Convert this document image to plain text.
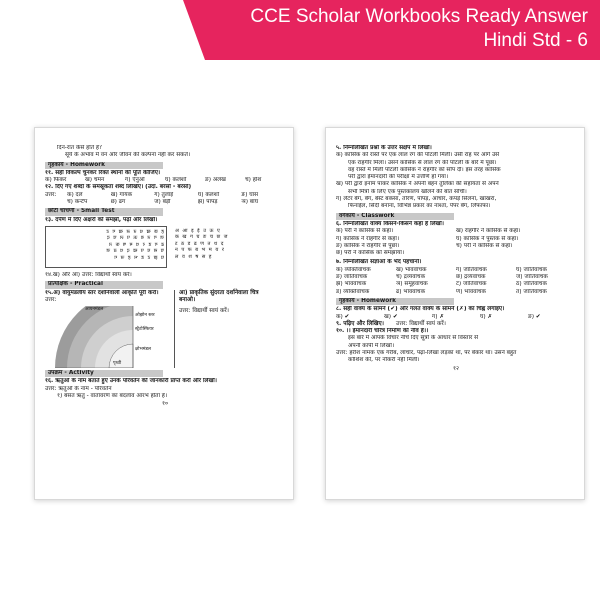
CCE Scholar Workbooks Ready Answer
Hindi Std - 6
दिन-रात कैसे होते है?
सूर्य के अभाव में वन और जीवन की कल्पना नहीं कर सकते।
गृहकार्य - Homework
११. सही विकल्प चुनकर रिक्त स्थानों की पूर्ति कीजिए।
क) फिकर	ख) चमन	ग) ऐनुँओ	घ) कलशों	ङ) अलख	च) होश
१२. दिए गए शब्दों के समस्रूकता शब्द लिखिए। (उदा. बरसों - बरसों)
उत्तर:	क) दल	ख) गायक	ग) तुलाई	घ) कलशों	ङ) घास
च) कन्टैप	छ) ढंग	ज) बड़ी	झ) पापड़	ञ) बाघ
छोटी चाचणी - Small Test
१३. दर्पण में दिए अक्षरों को समझो, पढ़ो और लिखो।
ह छ ख ध त ल ख ग ट
ज ग त ब ऊ प ल च द
ढ ग ड र थ म ष क त
च स य प ख द थ ठ ज
घ झ ट ड भ ह ञ ग
अ आ इ ई उ ऊ ए
क ख ग घ ङ च छ ज
ट ठ ड ढ ण त थ द
न प फ ब भ म य र
ल व श ष स ह
१४.ख) और आ) उत्तर: विद्यार्थी स्वयं करें।
प्रात्यक्षिक - Practical
१५.अ) वायुमंडलीय स्तर दर्शानेवाली आकृति पूरी करो।
उत्तर:
पृथ्वी
आयनमंडल
ओझोन स्तर
स्ट्रैटोस्फियर
क्षोभमंडल
आ) प्राकृतिक सुंदरता दर्शानेवाला चित्र बनाओ।
उत्तर: विद्यार्थी स्वयं करें।
उपक्रम - Activity
१६. ऋतुओं के नाम बताते हुए उनके परिवर्तन की जानकारी प्राप्त करो और लिखो।
उत्तर: ऋतुओं के नाम - परिवर्तन
१) बसंत ऋतु - वातावरण का बदलाव आरंभ होता है।
१०
५. निम्नलिखित प्रश्नों के उत्तर संक्षेप में लिखो।
क) कासिक को रास्ते पर एक लाल रंग की पोटली मिली। उसी राह पर आगे उसे
एक राहगीर मिला। उसने कासिक से लाल रंग की पोटली के बारे में पूछा।
वह रास्ते में मिली पोटली कासिक ने राहगीर को सौंप दी। इस तरह कासिक
परी द्वारा ईमानदारी की परीक्षा में उत्तीर्ण हो गया।
ख) परी द्वारा इनाम पाकर कासिक ने अपनी बहन तुलिका की सहायता से अपने
सभी मित्रों के लिए एक पुस्तकालय खोलने की बात सोची।
ग) लेटर बैग, बैग, बेस्ट बकसा, तोरण, पापड़, आचार, कपड़े सिलना, खाखरा,
फिनाईल, सिंदी बनाना, विभिन्न प्रकार का नाश्ता, पेपर बैग, लिफाफा।
वर्गकार्य - Classwork
६. निम्नलिखित वाक्य किसने-किसने कहा है लिखो।
क) परी ने कासिक से कहा।	ख) राहगीर ने कासिक से कहा।
ग) कासिक ने राहगीर से कहा।	घ) कासिक ने पुस्तक से कहा।
ङ) कासिक ने राहगीर से पूछा।	च) परी ने कासिक से कहा।
छ) परी ने कासिक को समझाया।
७. निम्नलिखित संज्ञाओं के भेद पहचानो।
क) व्यक्तिवाचक	ख) भाववाचक	ग) जातिवाचक	घ) जातिवाचक
ङ) जातिवाचक	च) द्रव्यवाचक	छ) द्रव्यवाचक	ज) जातिवाचक
झ) भाववाचक	ञ) समूहवाचक	ट) जातिवाचक	ठ) जातिवाचक
ड) व्यक्तिवाचक	ढ) भाववाचक	ण) भाववाचक	त) जातिवाचक
गृहकार्य - Homework
८. सही वाक्य के सामने (✔) और गलत वाक्य के सामने (✗) का चिह्न लगाइए।
क) ✔	ख) ✔	ग) ✗	घ) ✗	ङ) ✔
९. पढ़िए और लिखिए। उत्तर: विद्यार्थी स्वयं करें।
१०. ।। ईमानदारी चरित्र निर्माण की नींव है।।
इस बारे में आपके विचार नीचे दिए सूत्रों के आधार से विस्तार से
अपनी कापी में लिखो।
उत्तर: हरीश नामक एक गरीब, लाचार, पढ़ा-लिखा लड़का था, पर बेकार था। उसने बहुत
कोशिश की, पर नौकरी नहीं मिली।
१२
